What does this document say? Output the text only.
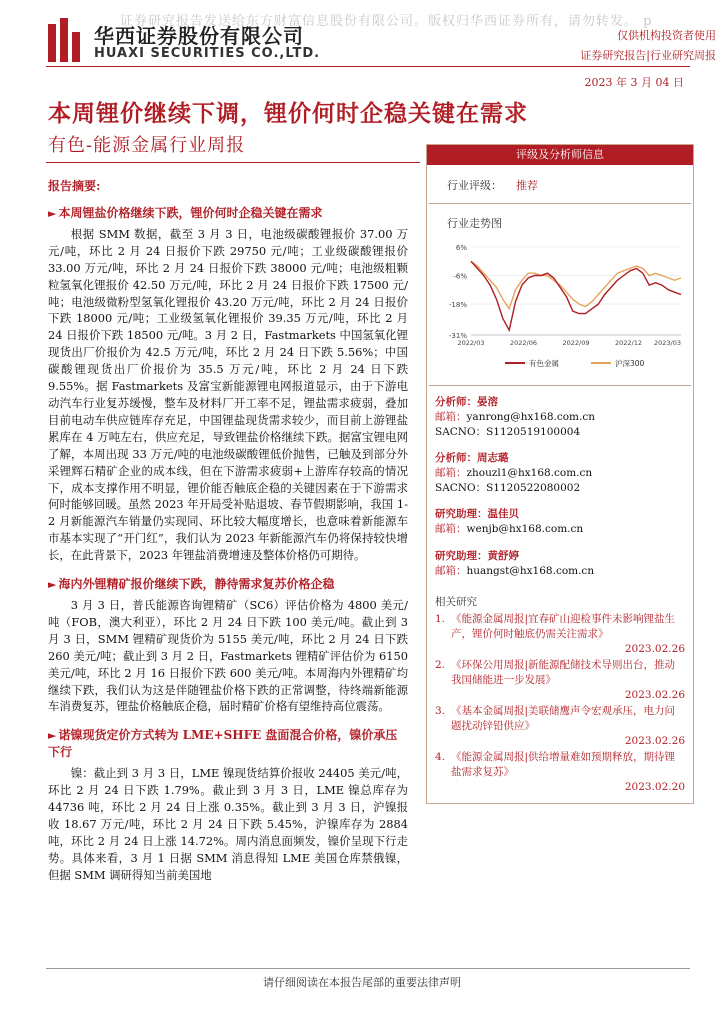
证券研究报告发送给东方财富信息股份有限公司。版权归华西证券所有，请勿转发。 p
华西证券股份有限公司
HUAXI SECURITIES CO.,LTD.
仅供机构投资者使用
证券研究报告|行业研究周报
2023 年 3 月 04 日
本周锂价继续下调，锂价何时企稳关键在需求
有色-能源金属行业周报
报告摘要:
► 本周锂盐价格继续下跌，锂价何时企稳关键在需求
根据 SMM 数据，截至 3 月 3 日，电池级碳酸锂报价 37.00 万元/吨，环比 2 月 24 日报价下跌 29750 元/吨；工业级碳酸锂报价 33.00 万元/吨，环比 2 月 24 日报价下跌 38000 元/吨；电池级粗颗粒氢氧化锂报价 42.50 万元/吨，环比 2 月 24 日报价下跌 17500 元/吨；电池级微粉型氢氧化锂报价 43.20 万元/吨，环比 2 月 24 日报价下跌 18000 元/吨；工业级氢氧化锂报价 39.35 万元/吨，环比 2 月 24 日报价下跌 18500 元/吨。3 月 2 日，Fastmarkets 中国氢氧化锂现货出厂价报价为 42.5 万元/吨，环比 2 月 24 日下跌 5.56%；中国碳酸锂现货出厂价报价为 35.5 万元/吨，环比 2 月 24 日下跌 9.55%。据 Fastmarkets 及富宝新能源锂电网报道显示，由于下游电动汽车行业复苏缓慢，整车及材料厂开工率不足，锂盐需求疲弱，叠加目前电动车供应链库存充足，中国锂盐现货需求较少，而目前上游锂盐累库在 4 万吨左右，供应充足，导致锂盐价格继续下跌。据富宝锂电网了解，本周出现 33 万元/吨的电池级碳酸锂低价抛售，已触及到部分外采锂辉石精矿企业的成本线，但在下游需求疲弱+上游库存较高的情况下，成本支撑作用不明显，锂价能否触底企稳的关键因素在于下游需求何时能够回暖。虽然 2023 年开局受补贴退坡、春节假期影响，我国 1-2 月新能源汽车销量仍实现同、环比较大幅度增长，也意味着新能源车市基本实现了“开门红”，我们认为 2023 年新能源汽车仍将保持较快增长，在此背景下，2023 年锂盐消费增速及整体价格仍可期待。
► 海内外锂精矿报价继续下跌，静待需求复苏价格企稳
3 月 3 日，普氏能源咨询锂精矿（SC6）评估价格为 4800 美元/吨（FOB，澳大利亚），环比 2 月 24 日下跌 100 美元/吨。截止到 3 月 3 日，SMM 锂精矿现货价为 5155 美元/吨，环比 2 月 24 日下跌 260 美元/吨；截止到 3 月 2 日，Fastmarkets 锂精矿评估价为 6150 美元/吨，环比 2 月 16 日报价下跌 600 美元/吨。本周海内外锂精矿均继续下跌，我们认为这是伴随锂盐价格下跌的正常调整，待终端新能源车消费复苏，锂盐价格触底企稳，届时精矿价格有望维持高位震荡。
► 诺镍现货定价方式转为 LME+SHFE 盘面混合价格，镍价承压下行
镍：截止到 3 月 3 日，LME 镍现货结算价报收 24405 美元/吨，环比 2 月 24 日下跌 1.79%。截止到 3 月 3 日，LME 镍总库存为 44736 吨，环比 2 月 24 日上涨 0.35%。截止到 3 月 3 日，沪镍报收 18.67 万元/吨，环比 2 月 24 日下跌 5.45%，沪镍库存为 2884 吨，环比 2 月 24 日上涨 14.72%。周内消息面频发，镍价呈现下行走势。具体来看，3 月 1 日据 SMM 消息得知 LME 美国仓库禁俄镍，但据 SMM 调研得知当前美国地
评级及分析师信息
行业评级： 推荐
行业走势图
6%
-6%
-18%
-31%
2022/03	2022/06	2022/09	2022/12 2023/03
有色金属	沪深300
分析师：晏溶
邮箱：yanrong@hx168.com.cn
SACNO：S1120519100004
分析师：周志璐
邮箱：zhouzl1@hx168.com.cn
SACNO：S1120522080002
研究助理：温佳贝
邮箱：wenjb@hx168.com.cn
研究助理：黄舒婷
邮箱：huangst@hx168.com.cn
相关研究
1. 《能源金属周报|宜春矿山迎检事件未影响锂盐生产，锂价何时触底仍需关注需求》
2023.02.26
2. 《环保公用周报|新能源配储技术导则出台，推动我国储能进一步发展》
2023.02.26
3. 《基本金属周报|美联储鹰声令宏观承压，电力问题扰动锌铅供应》
2023.02.26
4. 《能源金属周报|供给增量难如预期释放，期待锂盐需求复苏》
2023.02.20
请仔细阅读在本报告尾部的重要法律声明
